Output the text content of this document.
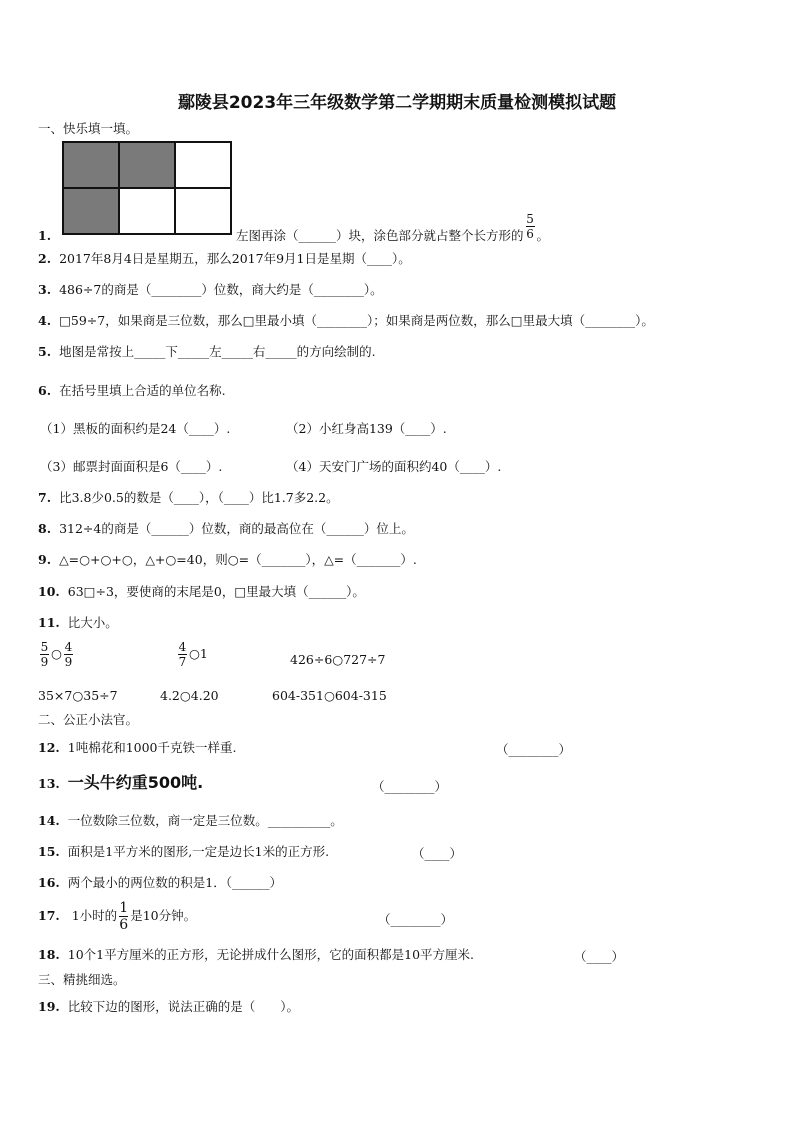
鄢陵县2023年三年级数学第二学期期末质量检测模拟试题
一、快乐填一填。
1.	左图再涂（______）块，涂色部分就占整个长方形的 $\frac{5}{6}$ 。
2. 2017年8月4日是星期五，那么2017年9月1日是星期（____）。
3. 486÷7的商是（________）位数，商大约是（________）。
4. □59÷7，如果商是三位数，那么□里最小填（________）；如果商是两位数，那么□里最大填（________）。
5. 地图是常按上_____下_____左_____右_____的方向绘制的.
6. 在括号里填上合适的单位名称.
（1）黑板的面积约是24（____）.	（2）小红身高139（____）.
（3）邮票封面面积是6（____）.	（4）天安门广场的面积约40（____）.
7. 比3.8少0.5的数是（____），（____）比1.7多2.2。
8. 312÷4的商是（______）位数，商的最高位在（______）位上。
9. △=○+○+○，△+○=40，则○=（_______），△=（_______）.
10. 63□÷3，要使商的末尾是0，□里最大填（______）。
11. 比大小。
$\frac{5}{9}$ ○ $\frac{4}{9}$	$\frac{4}{7}$ ○1	426÷6○727÷7
35×7○35÷7	4.2○4.20	604-351○604-315
二、公正小法官。
12. 1吨棉花和1000千克铁一样重.	（________）
13. 一头牛约重500吨.	（________）
14. 一位数除三位数，商一定是三位数。__________。
15. 面积是1平方米的图形,一定是边长1米的正方形.	（____）
16. 两个最小的两位数的积是1．（______）
17. 1小时的 $\frac{1}{6}$ 是10分钟。	（________）
18. 10个1平方厘米的正方形，无论拼成什么图形，它的面积都是10平方厘米.	（____）
三、精挑细选。
19. 比较下边的图形，说法正确的是（　　）。
